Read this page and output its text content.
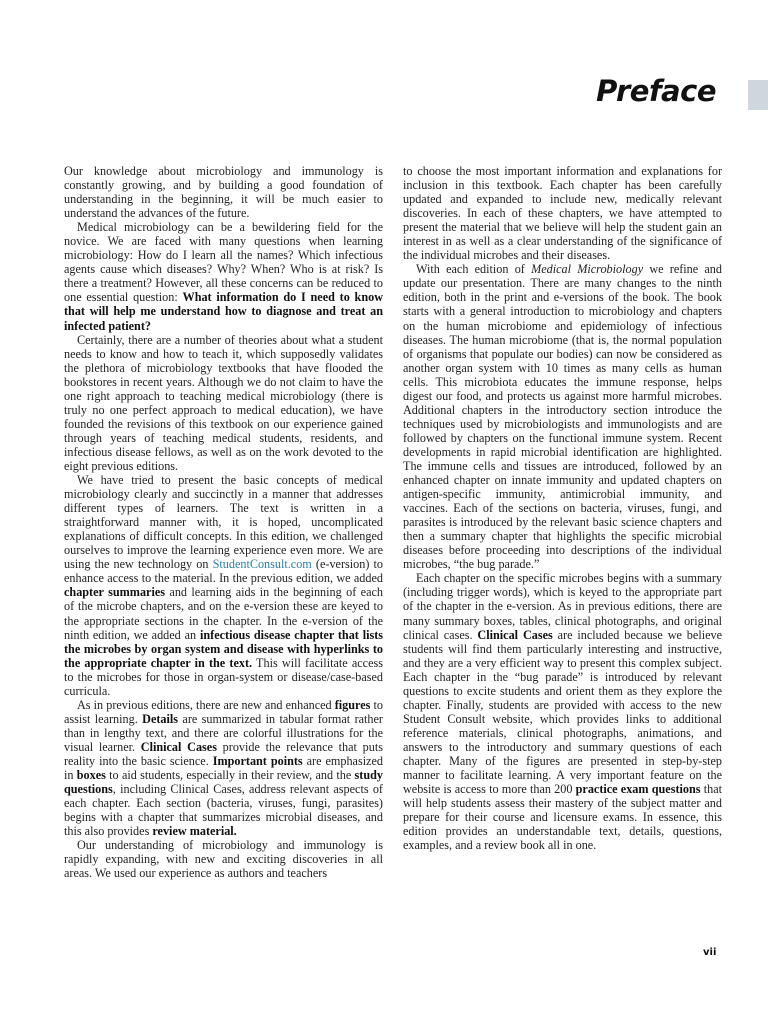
Preface

Our knowledge about microbiology and immunology is constantly growing, and by building a good foundation of understanding in the beginning, it will be much easier to understand the advances of the future.

Medical microbiology can be a bewildering field for the novice. We are faced with many questions when learning microbiology: How do I learn all the names? Which infectious agents cause which diseases? Why? When? Who is at risk? Is there a treatment? However, all these concerns can be reduced to one essential question: What information do I need to know that will help me understand how to diagnose and treat an infected patient?

Certainly, there are a number of theories about what a student needs to know and how to teach it, which supposedly validates the plethora of microbiology textbooks that have flooded the bookstores in recent years. Although we do not claim to have the one right approach to teaching medical microbiology (there is truly no one perfect approach to medical education), we have founded the revisions of this textbook on our experience gained through years of teaching medical students, residents, and infectious disease fellows, as well as on the work devoted to the eight previous editions.

We have tried to present the basic concepts of medical microbiology clearly and succinctly in a manner that addresses different types of learners. The text is written in a straightforward manner with, it is hoped, uncomplicated explanations of difficult concepts. In this edition, we challenged ourselves to improve the learning experience even more. We are using the new technology on StudentConsult.com (e-version) to enhance access to the material. In the previous edition, we added chapter summaries and learning aids in the beginning of each of the microbe chapters, and on the e-version these are keyed to the appropriate sections in the chapter. In the e-version of the ninth edition, we added an infectious disease chapter that lists the microbes by organ system and disease with hyperlinks to the appropriate chapter in the text. This will facilitate access to the microbes for those in organ-system or disease/case-based curricula.

As in previous editions, there are new and enhanced figures to assist learning. Details are summarized in tabular format rather than in lengthy text, and there are colorful illustrations for the visual learner. Clinical Cases provide the relevance that puts reality into the basic science. Important points are emphasized in boxes to aid students, especially in their review, and the study questions, including Clinical Cases, address relevant aspects of each chapter. Each section (bacteria, viruses, fungi, parasites) begins with a chapter that summarizes microbial diseases, and this also provides review material.

Our understanding of microbiology and immunology is rapidly expanding, with new and exciting discoveries in all areas. We used our experience as authors and teachers

to choose the most important information and explanations for inclusion in this textbook. Each chapter has been carefully updated and expanded to include new, medically relevant discoveries. In each of these chapters, we have attempted to present the material that we believe will help the student gain an interest in as well as a clear understanding of the significance of the individual microbes and their diseases.

With each edition of Medical Microbiology we refine and update our presentation. There are many changes to the ninth edition, both in the print and e-versions of the book. The book starts with a general introduction to microbiology and chapters on the human microbiome and epidemiology of infectious diseases. The human microbiome (that is, the normal population of organisms that populate our bodies) can now be considered as another organ system with 10 times as many cells as human cells. This microbiota educates the immune response, helps digest our food, and protects us against more harmful microbes. Additional chapters in the introductory section introduce the techniques used by microbiologists and immunologists and are followed by chapters on the functional immune system. Recent developments in rapid microbial identification are highlighted. The immune cells and tissues are introduced, followed by an enhanced chapter on innate immunity and updated chapters on antigen-specific immunity, antimicrobial immunity, and vaccines. Each of the sections on bacteria, viruses, fungi, and parasites is introduced by the relevant basic science chapters and then a summary chapter that highlights the specific microbial diseases before proceeding into descriptions of the individual microbes, “the bug parade.”

Each chapter on the specific microbes begins with a summary (including trigger words), which is keyed to the appropriate part of the chapter in the e-version. As in previous editions, there are many summary boxes, tables, clinical photographs, and original clinical cases. Clinical Cases are included because we believe students will find them particularly interesting and instructive, and they are a very efficient way to present this complex subject. Each chapter in the “bug parade” is introduced by relevant questions to excite students and orient them as they explore the chapter. Finally, students are provided with access to the new Student Consult website, which provides links to additional reference materials, clinical photographs, animations, and answers to the introductory and summary questions of each chapter. Many of the figures are presented in step-by-step manner to facilitate learning. A very important feature on the website is access to more than 200 practice exam questions that will help students assess their mastery of the subject matter and prepare for their course and licensure exams. In essence, this edition provides an understandable text, details, questions, examples, and a review book all in one.

vii
